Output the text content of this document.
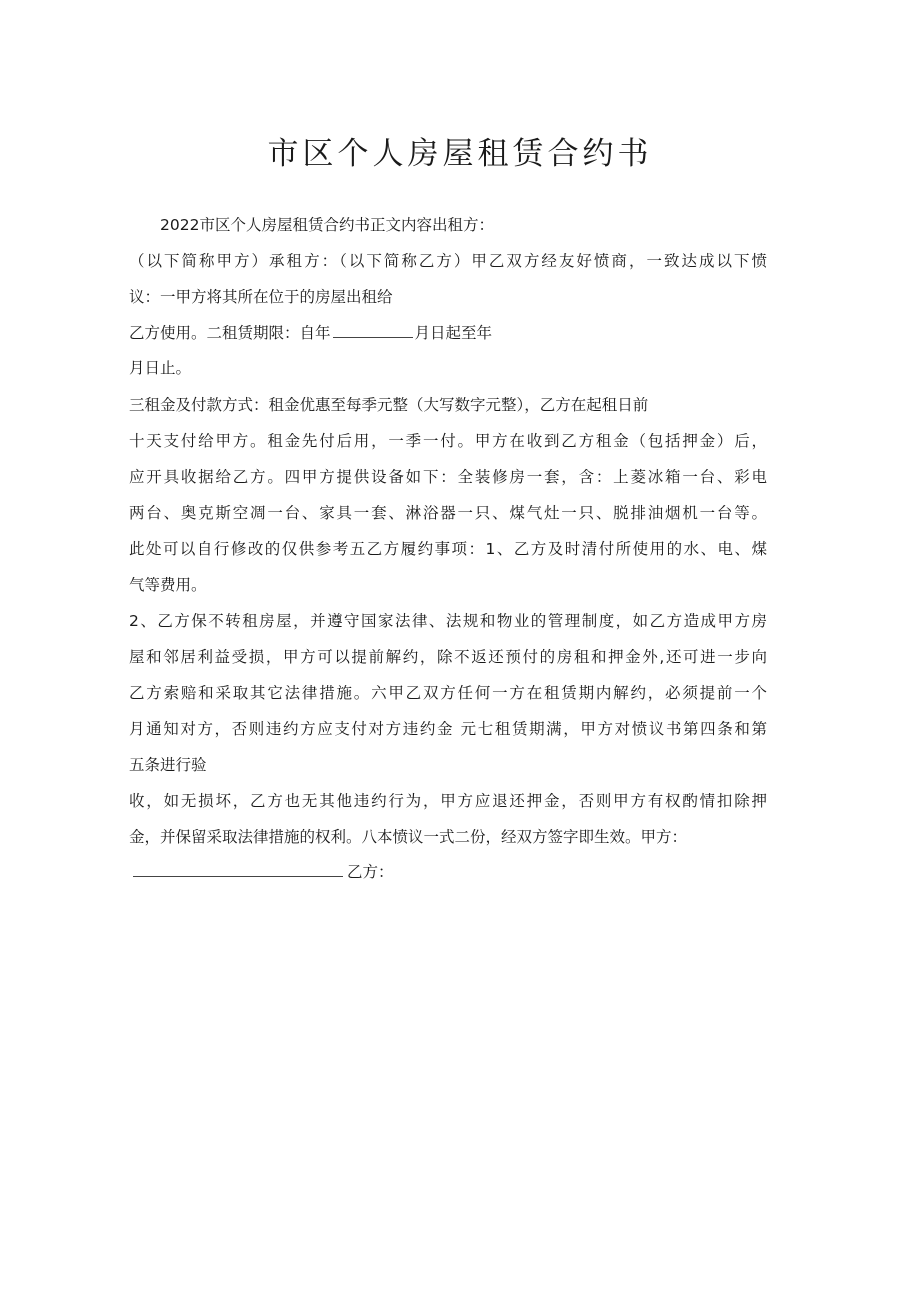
市区个人房屋租赁合约书
2022市区个人房屋租赁合约书正文内容出租方：
（以下简称甲方）承租方：（以下简称乙方）甲乙双方经友好愤商，一致达成以下愤
议：一甲方将其所在位于的房屋出租给
乙方使用。二租赁期限：自年	月日起至年
月日止。
三租金及付款方式：租金优惠至每季元整（大写数字元整），乙方在起租日前
十天支付给甲方。租金先付后用，一季一付。甲方在收到乙方租金（包括押金）后，
应开具收据给乙方。四甲方提供设备如下：全装修房一套，含：上菱冰箱一台、彩电
两台、奥克斯空凋一台、家具一套、淋浴器一只、煤气灶一只、脱排油烟机一台等。
此处可以自行修改的仅供参考五乙方履约事项：1、乙方及时清付所使用的水、电、煤
气等费用。
2、乙方保不转租房屋，并遵守国家法律、法规和物业的管理制度，如乙方造成甲方房
屋和邻居利益受损，甲方可以提前解约，除不返还预付的房租和押金外,还可进一步向
乙方索赔和采取其它法律措施。六甲乙双方任何一方在租赁期内解约，必须提前一个
月通知对方，否则违约方应支付对方违约金 元七租赁期满，甲方对愤议书第四条和第
五条进行验
收，如无损坏，乙方也无其他违约行为，甲方应退还押金，否则甲方有权酌情扣除押
金，并保留采取法律措施的权利。八本愤议一式二份，经双方签字即生效。甲方：
乙方：
